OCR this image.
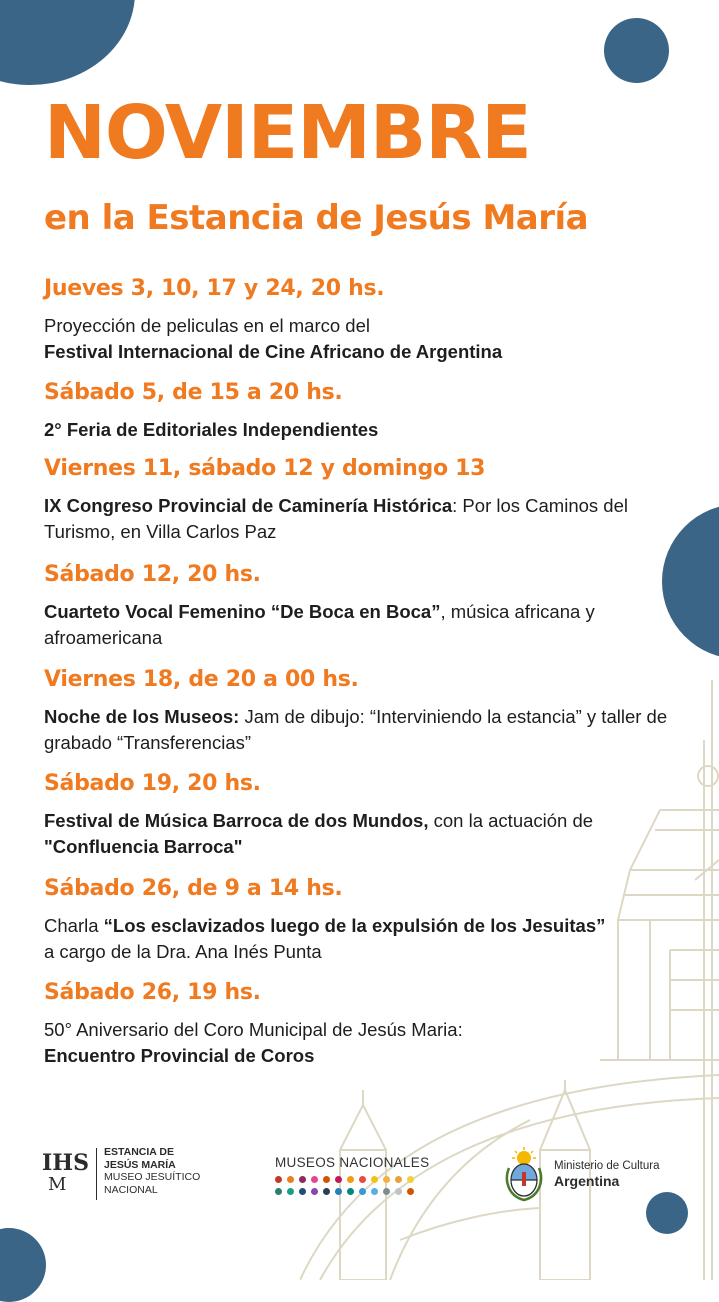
NOVIEMBRE
en la Estancia de Jesús María
Jueves 3, 10, 17 y 24, 20 hs.
Proyección de peliculas en el marco del
Festival Internacional de Cine Africano de Argentina
Sábado 5, de 15 a 20 hs.
2° Feria de Editoriales Independientes
Viernes 11, sábado 12 y domingo 13
IX Congreso Provincial de Caminería Histórica: Por los Caminos del Turismo, en Villa Carlos Paz
Sábado 12, 20 hs.
Cuarteto Vocal Femenino “De Boca en Boca”, música africana y afroamericana
Viernes 18, de 20 a 00 hs.
Noche de los Museos: Jam de dibujo: “Interviniendo la estancia” y taller de grabado “Transferencias”
Sábado 19, 20 hs.
Festival de Música Barroca de dos Mundos, con la actuación de "Confluencia Barroca"
Sábado 26, de 9 a 14 hs.
Charla “Los esclavizados luego de la expulsión de los Jesuitas”
a cargo de la Dra. Ana Inés Punta
Sábado 26, 19 hs.
50° Aniversario del Coro Municipal de Jesús Maria:
Encuentro Provincial de Coros
IHS
M
ESTANCIA DE
JESÚS MARÍA
MUSEO JESUÍTICO
NACIONAL
MUSEOS NACIONALES	Ministerio de Cultura
Argentina
